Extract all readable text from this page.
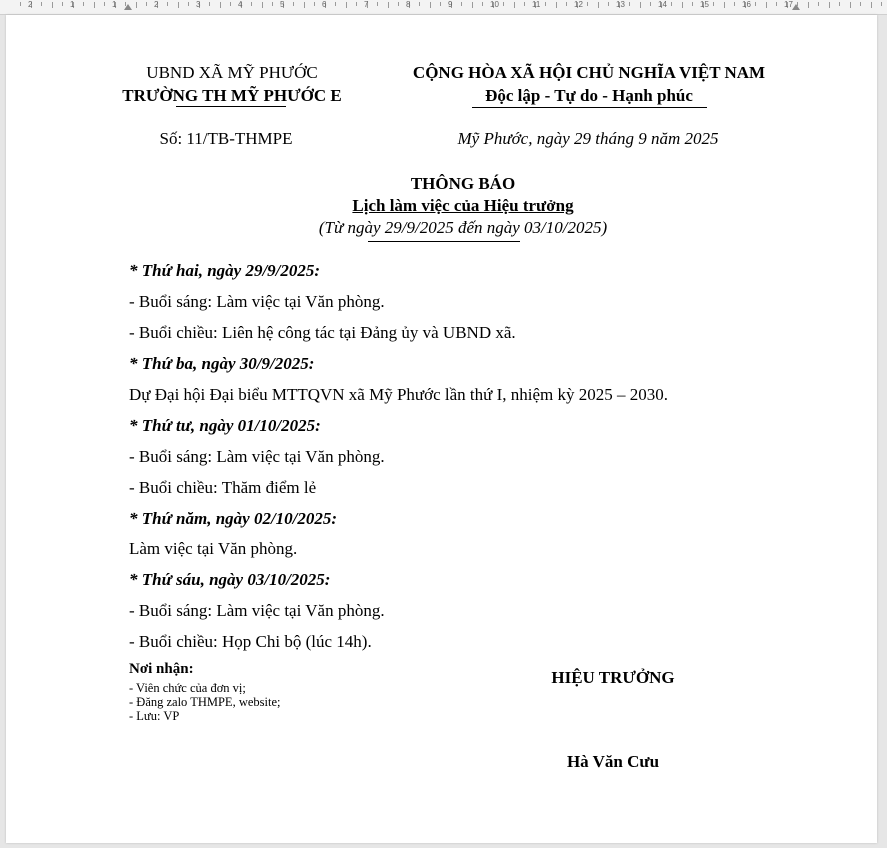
2	1	1	2	3	4	5	6	7	8	9	10	11	12	13	14	15	16	17
UBND XÃ MỸ PHƯỚC
TRƯỜNG TH MỸ PHƯỚC E
CỘNG HÒA XÃ HỘI CHỦ NGHĨA VIỆT NAM
Độc lập - Tự do - Hạnh phúc
Số: 11/TB-THMPE	Mỹ Phước, ngày 29 tháng 9 năm 2025
THÔNG BÁO
Lịch làm việc của Hiệu trưởng
(Từ ngày 29/9/2025 đến ngày 03/10/2025)
* Thứ hai, ngày 29/9/2025:
- Buổi sáng: Làm việc tại Văn phòng.
- Buổi chiều: Liên hệ công tác tại Đảng ủy và UBND xã.
* Thứ ba, ngày 30/9/2025:
Dự Đại hội Đại biểu MTTQVN xã Mỹ Phước lần thứ I, nhiệm kỳ 2025 – 2030.
* Thứ tư, ngày 01/10/2025:
- Buổi sáng: Làm việc tại Văn phòng.
- Buổi chiều: Thăm điểm lẻ
* Thứ năm, ngày 02/10/2025:
Làm việc tại Văn phòng.
* Thứ sáu, ngày 03/10/2025:
- Buổi sáng: Làm việc tại Văn phòng.
- Buổi chiều: Họp Chi bộ (lúc 14h).
Nơi nhận:
- Viên chức của đơn vị;
- Đăng zalo THMPE, website;
- Lưu: VP
HIỆU TRƯỞNG
Hà Văn Cưu
